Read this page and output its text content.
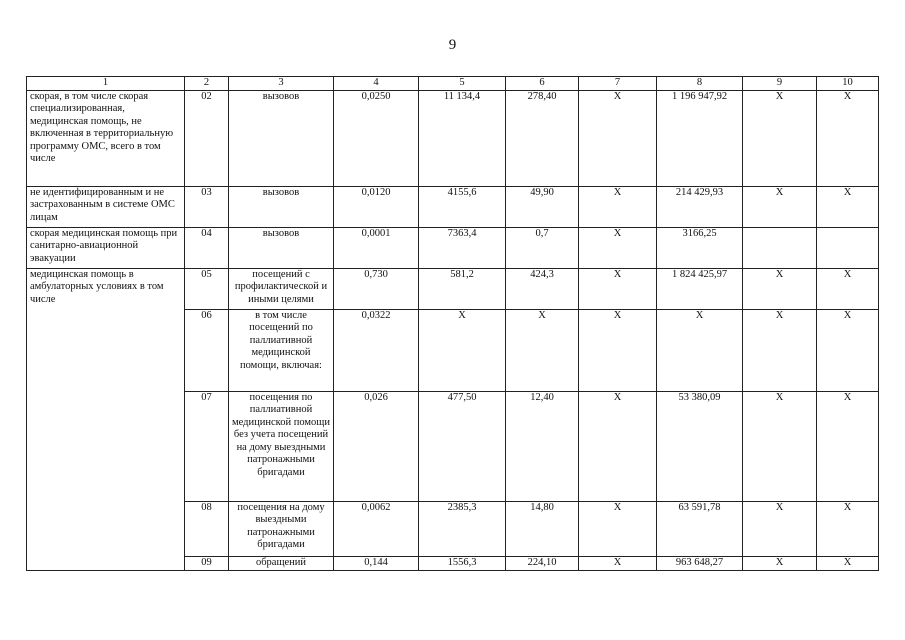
9
1	2	3	4	5	6	7	8	9	10
скорая, в том числе скорая специализированная, медицинская помощь, не включенная в территориальную программу ОМС, всего в том числе	02	вызовов	0,0250	11 134,4	278,40	X	1 196 947,92	X	X
не идентифицированным и не застрахованным в системе ОМС лицам	03	вызовов	0,0120	4155,6	49,90	X	214 429,93	X	X
скорая медицинская помощь при санитарно-авиационной эвакуации	04	вызовов	0,0001	7363,4	0,7	X	3166,25		
медицинская помощь в амбулаторных условиях в том числе	05	посещений с профилактической и иными целями	0,730	581,2	424,3	X	1 824 425,97	X	X
	06	в том числе посещений по паллиативной медицинской помощи, включая:	0,0322	X	X	X	X	X	X
	07	посещения по паллиативной медицинской помощи без учета посещений на дому выездными патронажными бригадами	0,026	477,50	12,40	X	53 380,09	X	X
	08	посещения на дому выездными патронажными бригадами	0,0062	2385,3	14,80	X	63 591,78	X	X
	09	обращений	0,144	1556,3	224,10	X	963 648,27	X	X
